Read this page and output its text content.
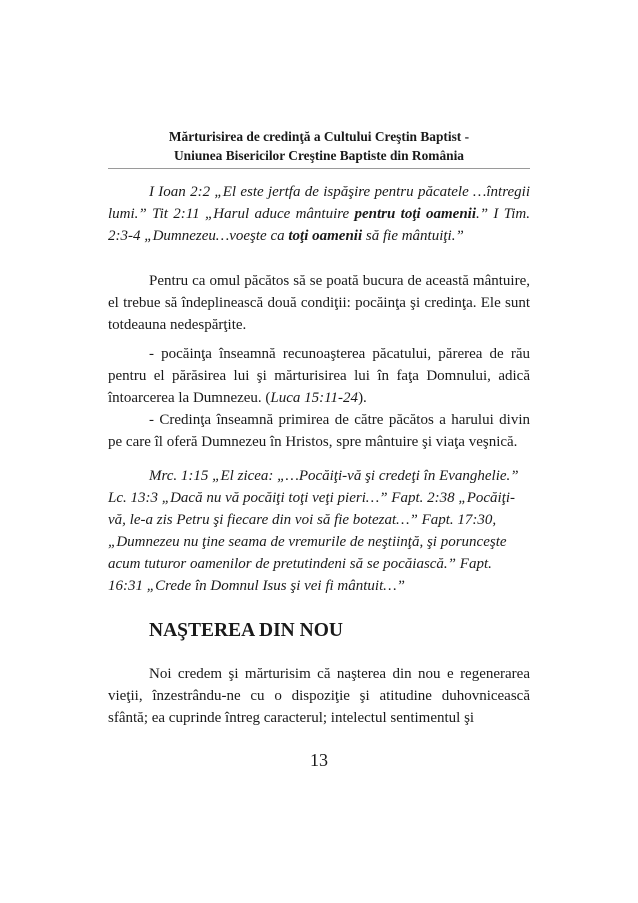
Mărturisirea de credinţă a Cultului Creştin Baptist -
Uniunea Bisericilor Creştine Baptiste din România

I Ioan 2:2 „El este jertfa de ispăşire pentru păcatele …întregii lumi.” Tit 2:11 „Harul aduce mântuire pentru toţi oamenii.” I Tim. 2:3-4 „Dumnezeu…voeşte ca toţi oamenii să fie mântuiţi.”

Pentru ca omul păcătos să se poată bucura de această mântuire, el trebue să îndeplinească două condiţii: pocăinţa şi credinţa. Ele sunt totdeauna nedespărţite.

- pocăinţa înseamnă recunoaşterea păcatului, părerea de rău pentru el părăsirea lui şi mărturisirea lui în faţa Domnului, adică întoarcerea la Dumnezeu. (Luca 15:11-24).

- Credinţa înseamnă primirea de către păcătos a harului divin pe care îl oferă Dumnezeu în Hristos, spre mântuire şi viaţa veşnică.

Mrc. 1:15 „El zicea: „…Pocăiţi-vă şi credeţi în Evanghelie.” Lc. 13:3 „Dacă nu vă pocăiţi toţi veţi pieri…” Fapt. 2:38 „Pocăiţi-vă, le-a zis Petru şi fiecare din voi să fie botezat…” Fapt. 17:30, „Dumnezeu nu ţine seama de vremurile de neştiinţă, şi porunceşte acum tuturor oamenilor de pretutindeni să se pocăiască.” Fapt. 16:31 „Crede în Domnul Isus şi vei fi mântuit…”

NAŞTEREA DIN NOU

Noi credem şi mărturisim că naşterea din nou e regenerarea vieţii, înzestrându-ne cu o dispoziţie şi atitudine duhovnicească sfântă; ea cuprinde întreg caracterul; intelectul sentimentul şi

13
